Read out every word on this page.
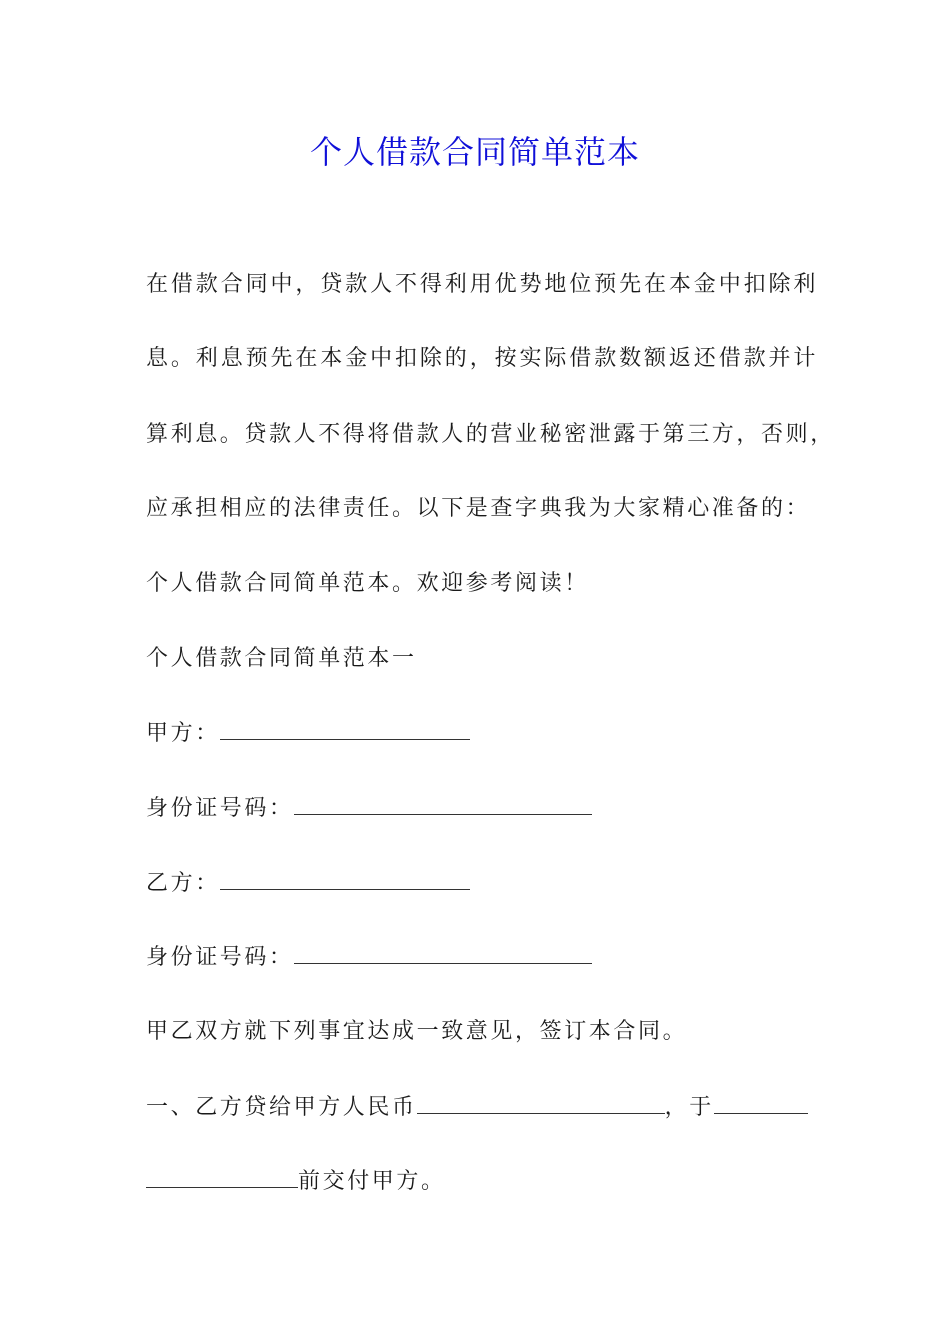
个人借款合同简单范本
在借款合同中，贷款人不得利用优势地位预先在本金中扣除利
息。利息预先在本金中扣除的，按实际借款数额返还借款并计
算利息。贷款人不得将借款人的营业秘密泄露于第三方，否则，
应承担相应的法律责任。以下是查字典我为大家精心准备的：
个人借款合同简单范本。欢迎参考阅读！
个人借款合同简单范本一
甲方：
身份证号码：
乙方：
身份证号码：
甲乙双方就下列事宜达成一致意见，签订本合同。
一、乙方贷给甲方人民币	，于
前交付甲方。
